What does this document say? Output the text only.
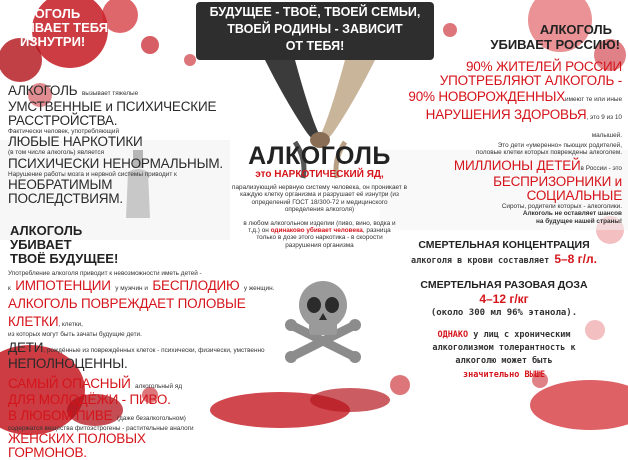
БУДУЩЕЕ - ТВОЁ, ТВОЕЙ СЕМЬИ,
ТВОЕЙ РОДИНЫ - ЗАВИСИТ
ОТ ТЕБЯ!
АЛКОГОЛЬ
УБИВАЕТ ТЕБЯ
ИЗНУТРИ!
АЛКОГОЛЬ вызывает тяжелые
УМСТВЕННЫЕ и ПСИХИЧЕСКИЕ
РАССТРОЙСТВА.
Фактически человек, употребляющий
ЛЮБЫЕ НАРКОТИКИ
(в том числе алкоголь) является
ПСИХИЧЕСКИ НЕНОРМАЛЬНЫМ.
Нарушение работы мозга и нервной системы приводит к
НЕОБРАТИМЫМ
ПОСЛЕДСТВИЯМ.
АЛКОГОЛЬ
УБИВАЕТ
ТВОЁ БУДУЩЕЕ!
Употребление алкоголя приводит к невозможности иметь детей -
к ИМПОТЕНЦИИ у мужчин и БЕСПЛОДИЮ у женщин.
АЛКОГОЛЬ ПОВРЕЖДАЕТ ПОЛОВЫЕ КЛЕТКИ, клетки,
из которых могут быть зачаты будущие дети.
ДЕТИ, рождённые из повреждённых клеток - психически, физически, умственно
НЕПОЛНОЦЕННЫ.
САМЫЙ ОПАСНЫЙ алкогольный яд
ДЛЯ МОЛОДЁЖИ - ПИВО.
В ЛЮБОМ ПИВЕ (даже безалкогольном)
содержатся вещества фитоэстрогены - растительные аналоги
ЖЕНСКИХ ПОЛОВЫХ
ГОРМОНОВ.
АЛКОГОЛЬ
это НАРКОТИЧЕСКИЙ ЯД,
парализующий нервную систему человека, он проникает в каждую клетку организма и разрушает её изнутри (из определений ГОСТ 18/300-72 и медицинского определения алкоголя)
в любом алкогольном изделии (пиво, вино, водка и т.д.) он одинаково убивает человека, разница только в дозе этого наркотика - в скорости разрушения организма
АЛКОГОЛЬ
УБИВАЕТ РОССИЮ!
90% ЖИТЕЛЕЙ РОССИИ
УПОТРЕБЛЯЮТ АЛКОГОЛЬ -
90% НОВОРОЖДЕННЫХимеют те или иные
НАРУШЕНИЯ ЗДОРОВЬЯ, это 9 из 10 малышей.
Это дети «умеренно» пьющих родителей,
половые клетки которых повреждены алкоголем.
МИЛЛИОНЫ ДЕТЕЙв России - это
БЕСПРИЗОРНИКИ и
СОЦИАЛЬНЫЕ
Сироты, родители которых - алкоголики.
Алкоголь не оставляет шансов
на будущее нашей страны!
СМЕРТЕЛЬНАЯ КОНЦЕНТРАЦИЯ
алкоголя в крови составляет 5–8 г/л.
СМЕРТЕЛЬНАЯ РАЗОВАЯ ДОЗА
4–12 г/кг
(около 300 мл 96% этанола).
ОДНАКО у лиц с хроническим
алкоголизмом толерантность к
алкоголю может быть
значительно ВЫШЕ
